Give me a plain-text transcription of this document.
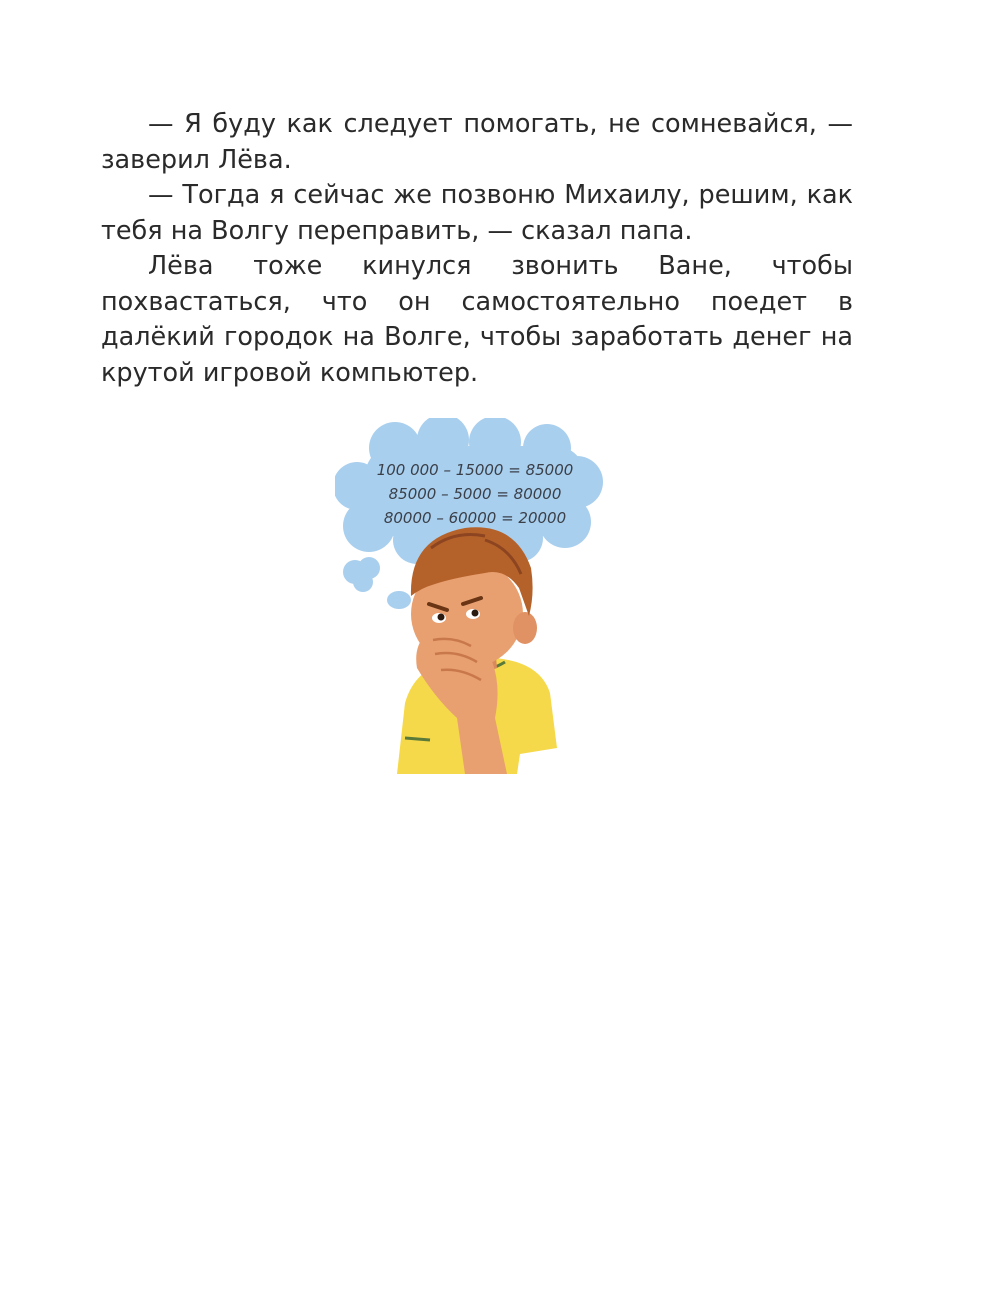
— Я буду как следует помогать, не сомневайся, — заверил Лёва.

— Тогда я сейчас же позвоню Михаилу, решим, как тебя на Волгу переправить, — сказал папа.

Лёва тоже кинулся звонить Ване, чтобы похвастаться, что он самостоятельно поедет в далёкий городок на Волге, чтобы заработать денег на крутой игровой компьютер.

100 000 – 15000 = 85000
85000 – 5000 = 80000
80000 – 60000 = 20000
